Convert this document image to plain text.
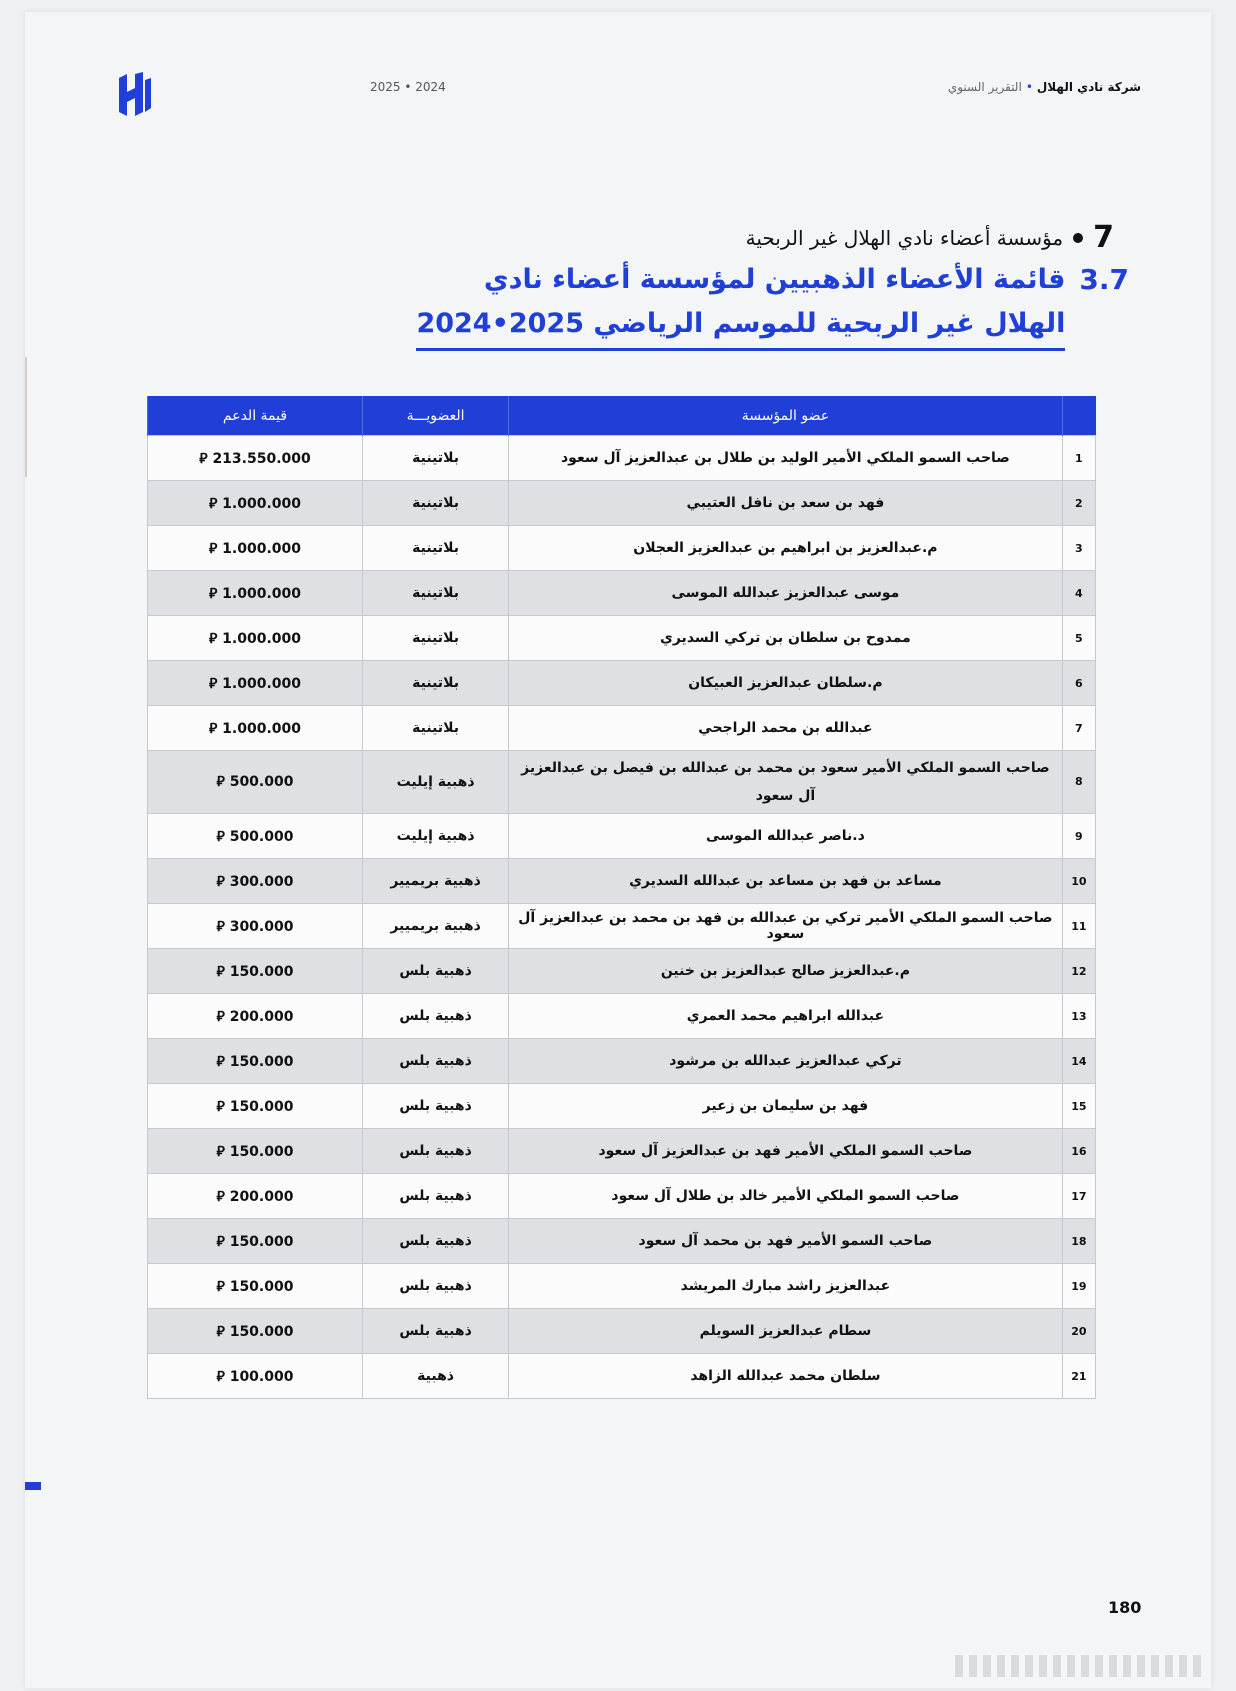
2025 • 2024	شركة نادي الهلال•التقرير السنوي
7
مؤسسة أعضاء نادي الهلال غير الربحية
3.7
قائمة الأعضاء الذهبيين لمؤسسة أعضاء نادي
الهلال غير الربحية للموسم الرياضي 2025•2024
	عضو المؤسسة	العضويـــة	قيمة الدعم
1	صاحب السمو الملكي الأمير الوليد بن طلال بن عبدالعزيز آل سعود	بلاتينية	213.550.000 ⃁
2	فهد بن سعد بن نافل العتيبي	بلاتينية	1.000.000 ⃁
3	م.عبدالعزيز بن ابراهيم بن عبدالعزيز العجلان	بلاتينية	1.000.000 ⃁
4	موسى عبدالعزيز عبدالله الموسى	بلاتينية	1.000.000 ⃁
5	ممدوح بن سلطان بن تركي السديري	بلاتينية	1.000.000 ⃁
6	م.سلطان عبدالعزيز العبيكان	بلاتينية	1.000.000 ⃁
7	عبدالله بن محمد الراجحي	بلاتينية	1.000.000 ⃁
8	صاحب السمو الملكي الأمير سعود بن محمد بن عبدالله بن فيصل بن عبدالعزيز آل سعود	ذهبية إيليت	500.000 ⃁
9	د.ناصر عبدالله الموسى	ذهبية إيليت	500.000 ⃁
10	مساعد بن فهد بن مساعد بن عبدالله السديري	ذهبية بريميير	300.000 ⃁
11	صاحب السمو الملكي الأمير تركي بن عبدالله بن فهد بن محمد بن عبدالعزيز آل سعود	ذهبية بريميير	300.000 ⃁
12	م.عبدالعزيز صالح عبدالعزيز بن خنين	ذهبية بلس	150.000 ⃁
13	عبدالله ابراهيم محمد العمري	ذهبية بلس	200.000 ⃁
14	تركي عبدالعزيز عبدالله بن مرشود	ذهبية بلس	150.000 ⃁
15	فهد بن سليمان بن زعير	ذهبية بلس	150.000 ⃁
16	صاحب السمو الملكي الأمير فهد بن عبدالعزيز آل سعود	ذهبية بلس	150.000 ⃁
17	صاحب السمو الملكي الأمير خالد بن طلال آل سعود	ذهبية بلس	200.000 ⃁
18	صاحب السمو الأمير فهد بن محمد آل سعود	ذهبية بلس	150.000 ⃁
19	عبدالعزيز راشد مبارك المريشد	ذهبية بلس	150.000 ⃁
20	سطام عبدالعزيز السويلم	ذهبية بلس	150.000 ⃁
21	سلطان محمد عبدالله الزاهد	ذهبية	100.000 ⃁
180
